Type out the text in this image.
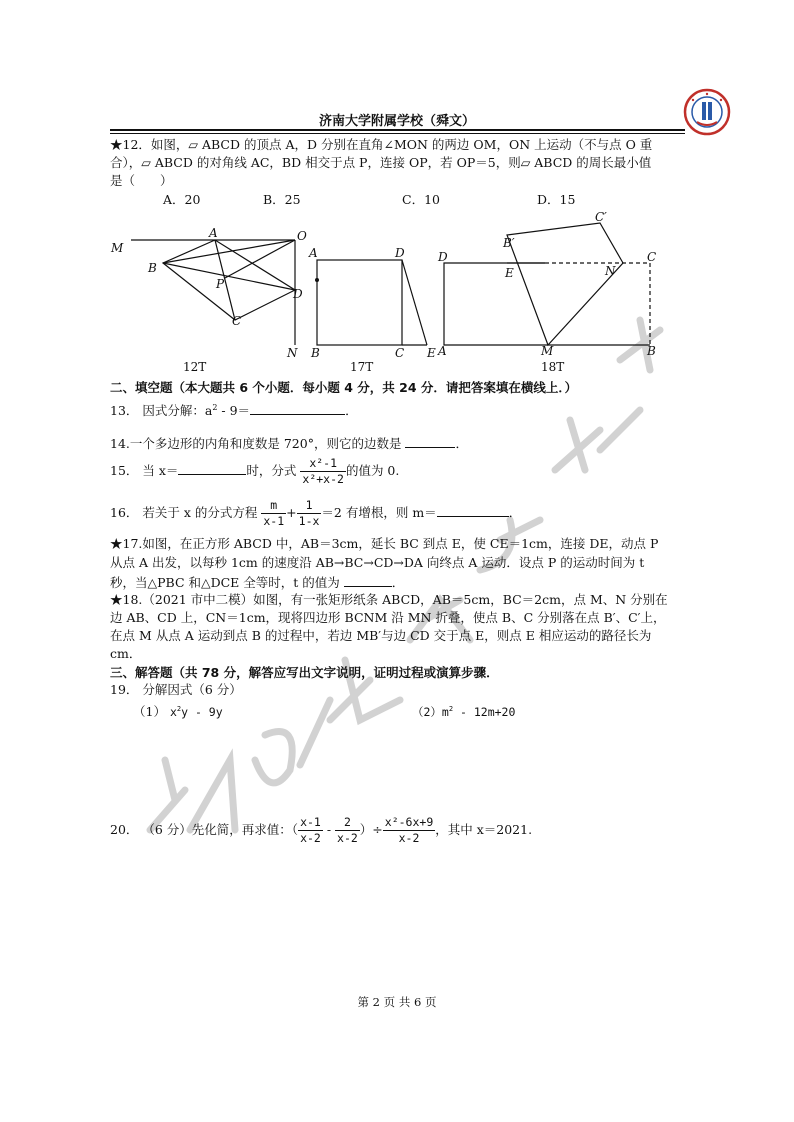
济南大学附属学校（舜文）
★12．如图，▱ ABCD 的顶点 A，D 分别在直角∠MON 的两边 OM，ON 上运动（不与点 O 重
合），▱ ABCD 的对角线 AC，BD 相交于点 P，连接 OP，若 OP＝5，则▱ ABCD 的周长最小值
是（　　）
A．20	B．25	C．10	D．15
M
A	O
B
P
D
C
N
A	D
B	C E
D
B′
C′
C
E	N
A	M	B
12T	17T	18T
二、填空题（本大题共 6 个小题．每小题 4 分，共 24 分．请把答案填在横线上．）
13． 因式分解：$a^2 - 9=$	．
14.一个多边形的内角和度数是 720°，则它的边数是	．
15． 当 x＝	时，分式 $\frac{\text{x²-1}}{\text{x²+x-2}}$ 的值为 0.
16． 若关于 x 的分式方程 $\frac{m}{x-1} + \frac{1}{1-x} =2$ 有增根，则 m＝	．
★17.如图，在正方形 ABCD 中，AB＝3cm，延长 BC 到点 E，使 CE＝1cm，连接 DE，动点 P
从点 A 出发，以每秒 1cm 的速度沿 AB→BC→CD→DA 向终点 A 运动．设点 P 的运动时间为 t
秒，当△PBC 和△DCE 全等时，t 的值为	．
★18.（2021 市中二模）如图，有一张矩形纸条 ABCD，AB＝5cm，BC＝2cm，点 M、N 分别在
边 AB、CD 上，CN＝1cm，现将四边形 BCNM 沿 MN 折叠，使点 B、C 分别落在点 B′、C′上，
在点 M 从点 A 运动到点 B 的过程中，若边 MB′与边 CD 交于点 E，则点 E 相应运动的路径长为
cm．
三、解答题（共 78 分，解答应写出文字说明，证明过程或演算步骤．
19． 分解因式（6 分）
（1） $x^2y - 9y$	$(2)m^2 - 12m+20$
20． （6 分）先化简，再求值：（ $\frac{x-1}{x-2} - \frac{2}{x-2}$ ）÷ $\frac{\text{x²-6x+9}}{x-2}$ ，其中 x＝2021.
第 2 页 共 6 页
